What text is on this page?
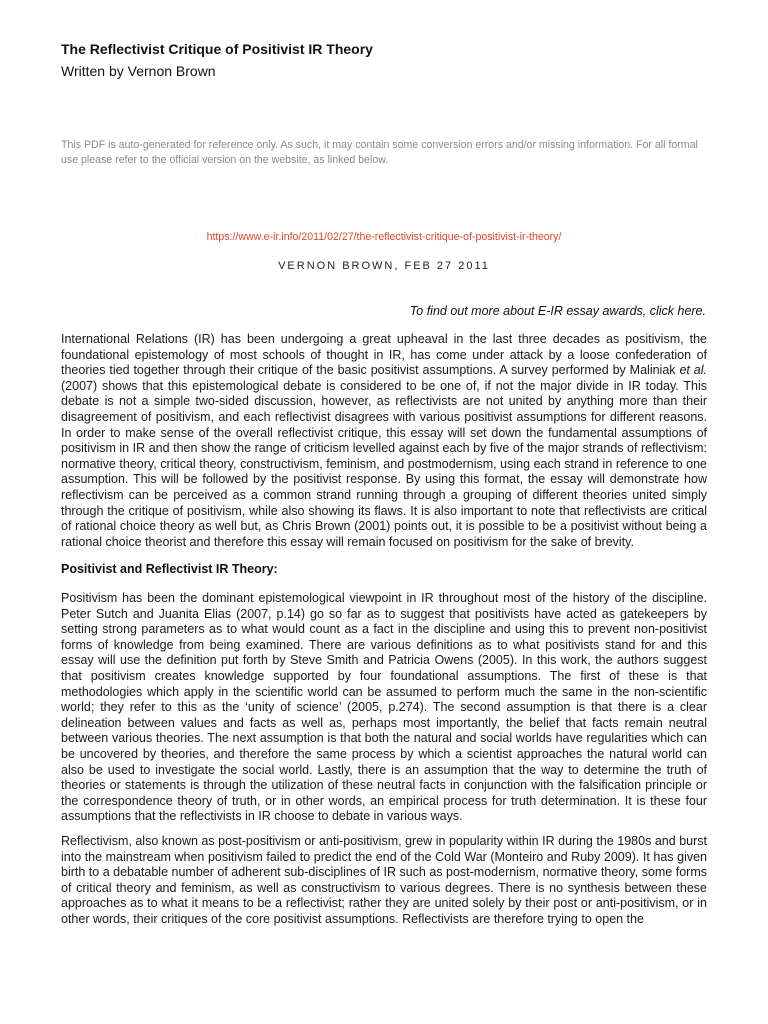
The Reflectivist Critique of Positivist IR Theory
Written by Vernon Brown
This PDF is auto-generated for reference only. As such, it may contain some conversion errors and/or missing information. For all formal use please refer to the official version on the website, as linked below.
https://www.e-ir.info/2011/02/27/the-reflectivist-critique-of-positivist-ir-theory/
VERNON BROWN, FEB 27 2011
To find out more about E-IR essay awards, click here.

International Relations (IR) has been undergoing a great upheaval in the last three decades as positivism, the foundational epistemology of most schools of thought in IR, has come under attack by a loose confederation of theories tied together through their critique of the basic positivist assumptions. A survey performed by Maliniak et al. (2007) shows that this epistemological debate is considered to be one of, if not the major divide in IR today. This debate is not a simple two-sided discussion, however, as reflectivists are not united by anything more than their disagreement of positivism, and each reflectivist disagrees with various positivist assumptions for different reasons. In order to make sense of the overall reflectivist critique, this essay will set down the fundamental assumptions of positivism in IR and then show the range of criticism levelled against each by five of the major strands of reflectivism: normative theory, critical theory, constructivism, feminism, and postmodernism, using each strand in reference to one assumption. This will be followed by the positivist response. By using this format, the essay will demonstrate how reflectivism can be perceived as a common strand running through a grouping of different theories united simply through the critique of positivism, while also showing its flaws. It is also important to note that reflectivists are critical of rational choice theory as well but, as Chris Brown (2001) points out, it is possible to be a positivist without being a rational choice theorist and therefore this essay will remain focused on positivism for the sake of brevity.

Positivist and Reflectivist IR Theory:

Positivism has been the dominant epistemological viewpoint in IR throughout most of the history of the discipline. Peter Sutch and Juanita Elias (2007, p.14) go so far as to suggest that positivists have acted as gatekeepers by setting strong parameters as to what would count as a fact in the discipline and using this to prevent non-positivist forms of knowledge from being examined. There are various definitions as to what positivists stand for and this essay will use the definition put forth by Steve Smith and Patricia Owens (2005). In this work, the authors suggest that positivism creates knowledge supported by four foundational assumptions. The first of these is that methodologies which apply in the scientific world can be assumed to perform much the same in the non-scientific world; they refer to this as the ‘unity of science’ (2005, p.274). The second assumption is that there is a clear delineation between values and facts as well as, perhaps most importantly, the belief that facts remain neutral between various theories. The next assumption is that both the natural and social worlds have regularities which can be uncovered by theories, and therefore the same process by which a scientist approaches the natural world can also be used to investigate the social world. Lastly, there is an assumption that the way to determine the truth of theories or statements is through the utilization of these neutral facts in conjunction with the falsification principle or the correspondence theory of truth, or in other words, an empirical process for truth determination. It is these four assumptions that the reflectivists in IR choose to debate in various ways.

Reflectivism, also known as post-positivism or anti-positivism, grew in popularity within IR during the 1980s and burst into the mainstream when positivism failed to predict the end of the Cold War (Monteiro and Ruby 2009). It has given birth to a debatable number of adherent sub-disciplines of IR such as post-modernism, normative theory, some forms of critical theory and feminism, as well as constructivism to various degrees. There is no synthesis between these approaches as to what it means to be a reflectivist; rather they are united solely by their post or anti-positivism, or in other words, their critiques of the core positivist assumptions. Reflectivists are therefore trying to open the
